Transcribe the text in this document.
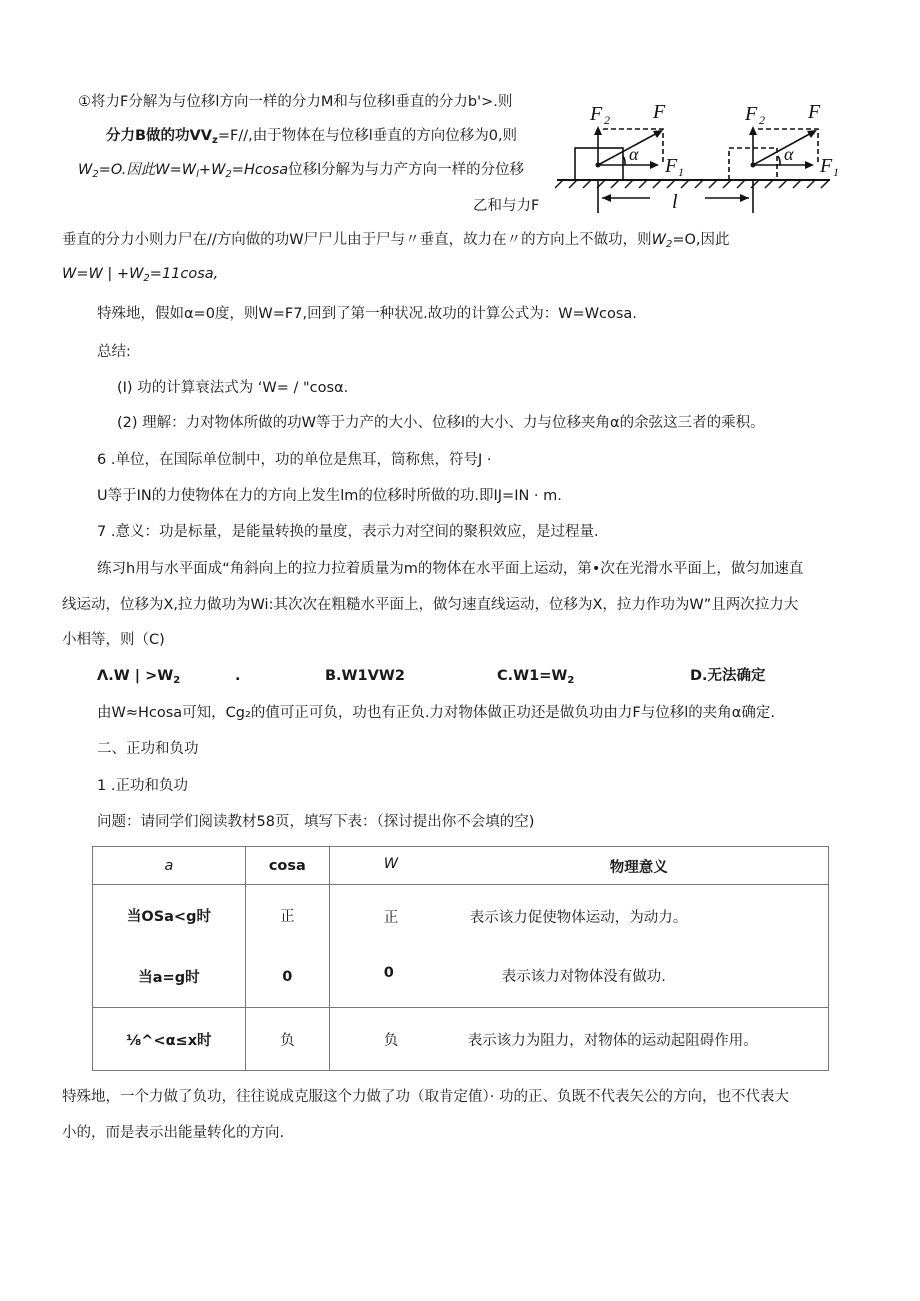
①将力F分解为与位移l方向一样的分力M和与位移l垂直的分力b'>.则
分力B做的功$VV_z=F//$,由于物体在与位移l垂直的方向位移为0,则
$W_2=O$.因此$W=W_l+W_2=Hcosa$位移l分解为与力产方向一样的分位移
乙和与力F
F 2 F
α
F 1
F 2 F
α
F 1
l
垂直的分力小则力尸在//方向做的功W尸尸儿由于尸与〃垂直，故力在〃的方向上不做功，则$W_2=O$,因此
W=W | $+W_2=11\cos a$,
特殊地，假如α=0度，则W=F7,回到了第一种状况.故功的计算公式为：W=Wcosa.
总结:
(I) 功的计算衰法式为 ‘W= / "cosα.
(2) 理解：力对物体所做的功W等于力产的大小、位移l的大小、力与位移夹角α的余弦这三者的乘积。
6 .单位，在国际单位制中，功的单位是焦耳，筒称焦，符号J ·
U等于IN的力使物体在力的方向上发生lm的位移时所做的功.即IJ=IN · m.
7 .意义：功是标量，是能量转换的量度，表示力对空间的聚积效应，是过程量.
练习h用与水平面成“角斜向上的拉力拉着质量为m的物体在水平面上运动，第•次在光滑水平面上，做匀加速直
线运动，位移为X,拉力做功为Wi:其次次在粗糙水平面上，做匀速直线运动，位移为X，拉力作功为W”且两次拉力大
小相等，则（C)
Λ.W | $>W_2$	.	B.W1VW2	$C.W1=W_2$	D.无法确定
由W≈Hcosa可知，Cg₂的值可正可负，功也有正负.力对物体做正功还是做负功由力F与位移l的夹角α确定.
二、正功和负功
1 .正功和负功
问题：请同学们阅读教材58页，填写下表：（探讨提出你不会填的空)
a	cosa	W 物理意义

当OSa<g时	正	正 表示该力促使物体运动，为动力。

当a=g时	0	0 表示该力对物体没有做功.

⅛^<α≤x时	负	负 表示该力为阻力，对物体的运动起阻碍作用。
特殊地，一个力做了负功，往往说成克服这个力做了功（取肯定值）· 功的正、负既不代表矢公的方向，也不代表大
小的，而是表示出能量转化的方向.
